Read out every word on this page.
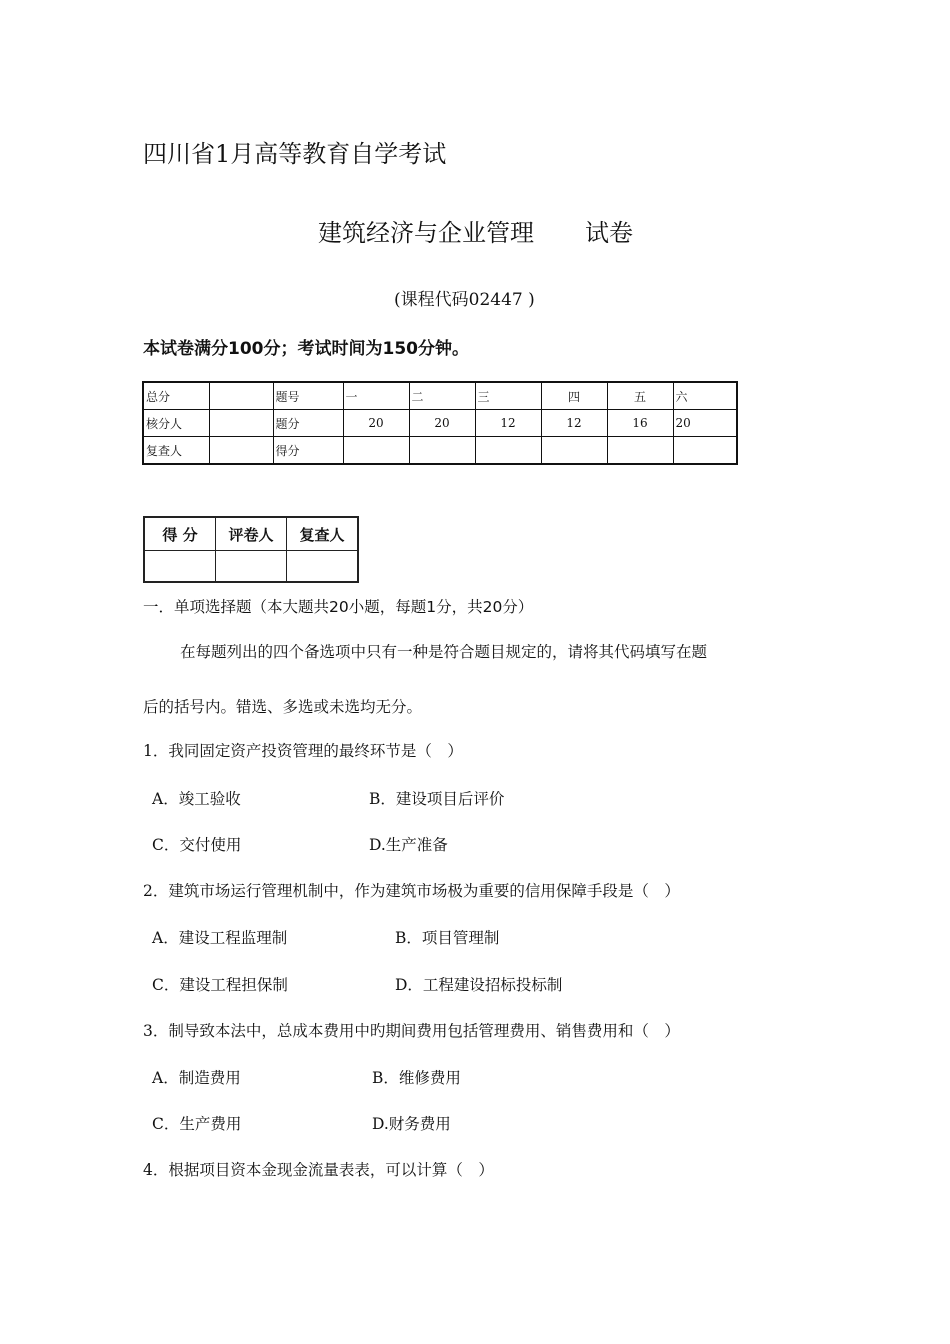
四川省1月高等教育自学考试
建筑经济与企业管理 试卷
(课程代码02447 )
本试卷满分100分；考试时间为150分钟。
总分		题号	一	二	三	四	五	六
核分人		题分	20	20	12	12	16	20
复查人		得分						
得 分	评卷人	复查人

一．单项选择题（本大题共20小题，每题1分，共20分）
在每题列出的四个备选项中只有一种是符合题目规定的，请将其代码填写在题
后的括号内。错选、多选或未选均无分。
1．我同固定资产投资管理的最终环节是（　）
A．竣工验收	B．建设项目后评价
C．交付使用	D.生产准备
2．建筑市场运行管理机制中，作为建筑市场极为重要的信用保障手段是（　）
A．建设工程监理制	B．项目管理制
C．建设工程担保制	D．工程建设招标投标制
3．制导致本法中，总成本费用中旳期间费用包括管理费用、销售费用和（　）
A．制造费用	B．维修费用
C．生产费用	D.财务费用
4．根据项目资本金现金流量表表，可以计算（　）
